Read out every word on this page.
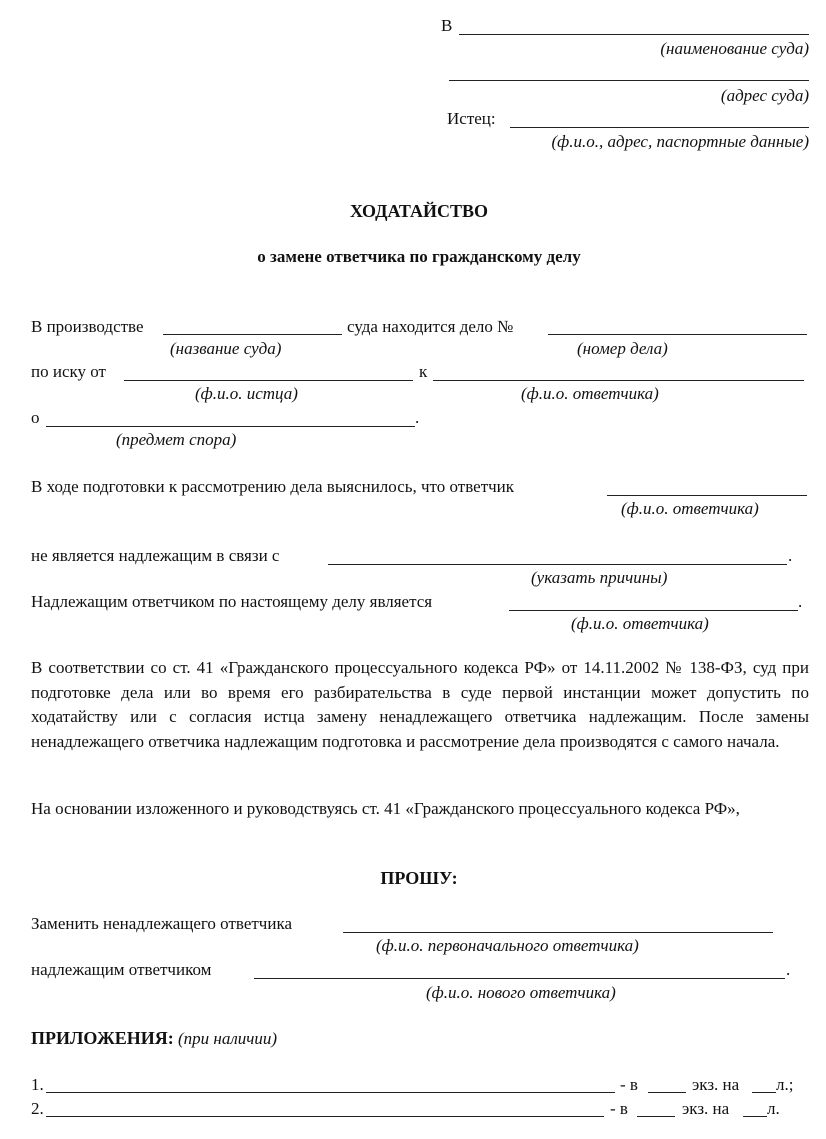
В
(наименование суда)
(адрес суда)
Истец:
(ф.и.о., адрес, паспортные данные)
ХОДАТАЙСТВО
о замене ответчика по гражданскому делу
В производстве	суда находится дело №
(название суда)	(номер дела)
по иску от	к
(ф.и.о. истца)	(ф.и.о. ответчика)
о	.
(предмет спора)
В ходе подготовки к рассмотрению дела выяснилось, что ответчик
(ф.и.о. ответчика)
не является надлежащим в связи с	.
(указать причины)
Надлежащим ответчиком по настоящему делу является	.
(ф.и.о. ответчика)
В соответствии со ст. 41 «Гражданского процессуального кодекса РФ» от 14.11.2002 № 138-ФЗ, суд при подготовке дела или во время его разбирательства в суде первой инстанции может допустить по ходатайству или с согласия истца замену ненадлежащего ответчика надлежащим. После замены ненадлежащего ответчика надлежащим подготовка и рассмотрение дела производятся с самого начала.
На основании изложенного и руководствуясь ст. 41 «Гражданского процессуального кодекса РФ»,
ПРОШУ:
Заменить ненадлежащего ответчика
(ф.и.о. первоначального ответчика)
надлежащим ответчиком	.
(ф.и.о. нового ответчика)
ПРИЛОЖЕНИЯ: (при наличии)
1.	- в	экз. на л.;
2.	- в	экз. на л.
